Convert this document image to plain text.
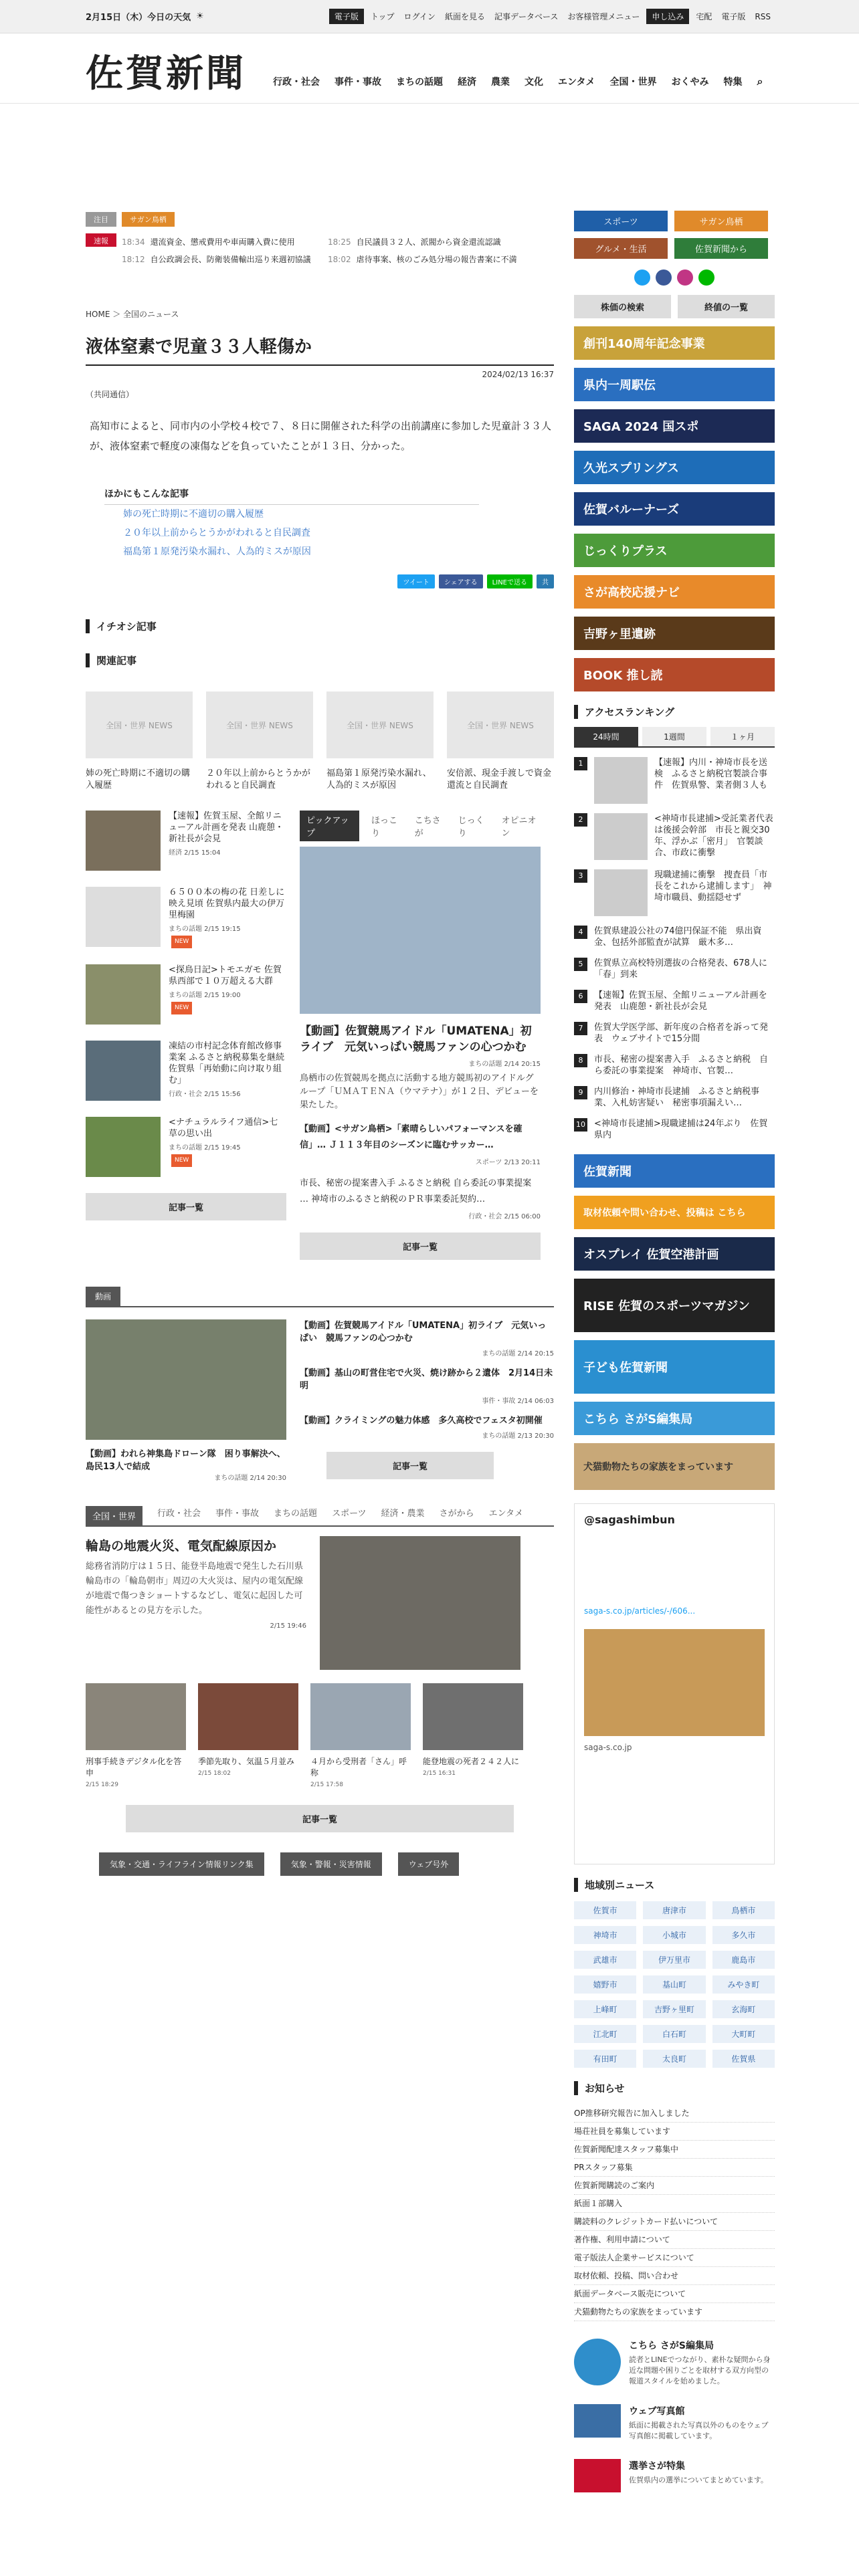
2月15日（木）今日の天気 ☀	電子版	トップ	ログイン	紙面を見る	記事データベース	お客様管理メニュー	申し込み	宅配	電子版	RSS
佐賀新聞	行政・社会 事件・事故 まちの話題 経済 農業 文化 エンタメ 全国・世界 おくやみ 特集 ⌕
注目	サガン鳥栖
速報	18:34 還流資金、懲戒費用や車両購入費に使用
18:12 自公政調会長、防衛装備輸出巡り来週初協議
18:25 自民議員３２人、派閥から資金還流認識
18:02 虐待事案、核のごみ処分場の報告書案に不満
HOME ＞ 全国のニュース
液体窒素で児童３３人軽傷か
2024/02/13 16:37
（共同通信）

高知市によると、同市内の小学校４校で７、８日に開催された科学の出前講座に参加した児童計３３人が、液体窒素で軽度の凍傷などを負っていたことが１３日、分かった。

ほかにもこんな記事
姉の死亡時期に不適切の購入履歴
２０年以上前からとうかがわれると自民調査
福島第１原発汚染水漏れ、人為的ミスが原因
ツイート	シェアする	LINEで送る	共
イチオシ記事
関連記事
全国・世界 NEWS

姉の死亡時期に不適切の購入履歴

全国・世界 NEWS

２０年以上前からとうかがわれると自民調査

全国・世界 NEWS

福島第１原発汚染水漏れ、人為的ミスが原因

全国・世界 NEWS

安倍派、現金手渡しで資金還流と自民調査

【速報】佐賀玉屋、全館リニューアル計画を発表 山鹿憩・新社長が会見
経済 2/15 15:04
６５００本の梅の花 日差しに映え見頃 佐賀県内最大の伊万里梅園
まちの話題 2/15 19:15
NEW
<探鳥日記>トモエガモ 佐賀県西部で１０万超える大群
まちの話題 2/15 19:00
NEW
凍結の市村記念体育館改修事業案 ふるさと納税募集を継続 佐賀県「再始動に向け取り組む」
行政・社会 2/15 15:56
<ナチュラルライフ通信>七草の思い出
まちの話題 2/15 19:45
NEW
記事一覧
ピックアップ
ほっこり
こちさが
じっくり
オピニオン
【動画】佐賀競馬アイドル「UMATENA」初ライブ　元気いっぱい競馬ファンの心つかむ
まちの話題 2/14 20:15
鳥栖市の佐賀競馬を拠点に活動する地方競馬初のアイドルグループ「ＵＭＡＴＥＮＡ（ウマテナ）」が１２日、デビューを果たした。
【動画】<サガン鳥栖>「素晴らしいパフォーマンスを確信」… Ｊ１１３年目のシーズンに臨むサッカー…
スポーツ 2/13 20:11
市長、秘密の提案書入手 ふるさと納税 自ら委託の事業提案 … 神埼市のふるさと納税のＰＲ事業委託契約…
行政・社会 2/15 06:00
記事一覧
動画

【動画】われら神集島ドローン隊　困り事解決へ、島民13人で結成

まちの話題 2/14 20:30

【動画】佐賀競馬アイドル「UMATENA」初ライブ　元気いっぱい　競馬ファンの心つかむ

まちの話題 2/14 20:15

【動画】基山の町営住宅で火災、焼け跡から２遺体　2月14日未明

事件・事故 2/14 06:03

【動画】クライミングの魅力体感　多久高校でフェスタ初開催

まちの話題 2/13 20:30
記事一覧
全国・世界	行政・社会 事件・事故 まちの話題 スポーツ 経済・農業 さがから エンタメ
輪島の地震火災、電気配線原因か

総務省消防庁は１５日、能登半島地震で発生した石川県輪島市の「輪島朝市」周辺の大火災は、屋内の電気配線が地震で傷つきショートするなどし、電気に起因した可能性があるとの見方を示した。

2/15 19:46

刑事手続きデジタル化を答申

2/15 18:29

季節先取り、気温５月並み

2/15 18:02

４月から受刑者「さん」呼称

2/15 17:58

能登地震の死者２４２人に

2/15 16:31
記事一覧
気象・交通・ライフライン情報リンク集	気象・警報・災害情報	ウェブ号外
スポーツ	サガン鳥栖
グルメ・生活	佐賀新聞から
株価の検索	終値の一覧
創刊140周年記念事業
県内一周駅伝
SAGA 2024 国スポ
久光スプリングス
佐賀バルーナーズ
じっくりプラス
さが高校応援ナビ
吉野ヶ里遺跡
BOOK 推し読
アクセスランキング
24時間	1週間	１ヶ月
1	【速報】内川・神埼市長を送検　ふるさと納税官製談合事件　佐賀県警、業者側３人も
2	<神埼市長逮捕>受託業者代表は後援会幹部　市長と親交30年、浮かぶ「密月」　官製談合、市政に衝撃
3	現職逮捕に衝撃　捜査員「市長をこれから逮捕します」　神埼市職員、動揺隠せず
4	佐賀県建設公社の74億円保証不能　県出資金、包括外部監査が試算　厳木多…
5	佐賀県立高校特別選抜の合格発表、678人に「春」到来
6	【速報】佐賀玉屋、全館リニューアル計画を発表　山鹿憩・新社長が会見
7	佐賀大学医学部、新年度の合格者を訴って発表　ウェブサイトで15分間
8	市長、秘密の提案書入手　ふるさと納税　自ら委託の事業提案　神埼市、官製…
9	内川修治・神埼市長逮捕　ふるさと納税事業、入札妨害疑い　秘密事項漏えい…
10 <神埼市長逮捕>現職逮捕は24年ぶり　佐賀県内
佐賀新聞
取材依頼や問い合わせ、投稿は こちら
オスプレイ 佐賀空港計画
RISE 佐賀のスポーツマガジン
子ども佐賀新聞
こちら さがS編集局
犬猫動物たちの家族をまっています
@sagashimbun

saga-s.co.jp/articles/-/606...

saga-s.co.jp

地域別ニュース
佐賀市	唐津市	鳥栖市
神埼市	小城市	多久市
武雄市	伊万里市	鹿島市
嬉野市	基山町	みやき町
上峰町	吉野ヶ里町	玄海町
江北町	白石町	大町町
有田町	太良町	佐賀県
お知らせ

OP推移研究報告に加入しました

場荘社員を募集しています

佐賀新聞配達スタッフ募集中

PRスタッフ募集

佐賀新聞購読のご案内

紙面１部購入

購読料のクレジットカード払いについて

著作権、利用申請について

電子版法人企業サービスについて

取材依頼、投稿、問い合わせ

紙面データベース販売について

犬猫動物たちの家族をまっています

こちら さがS編集局

読者とLINEでつながり、素朴な疑問から身近な問題や困りごとを取材する双方向型の報道スタイルを始めました。

ウェブ写真館

紙面に掲載された写真以外のものをウェブ写真館に掲載しています。

選挙さが特集

佐賀県内の選挙についてまとめています。
